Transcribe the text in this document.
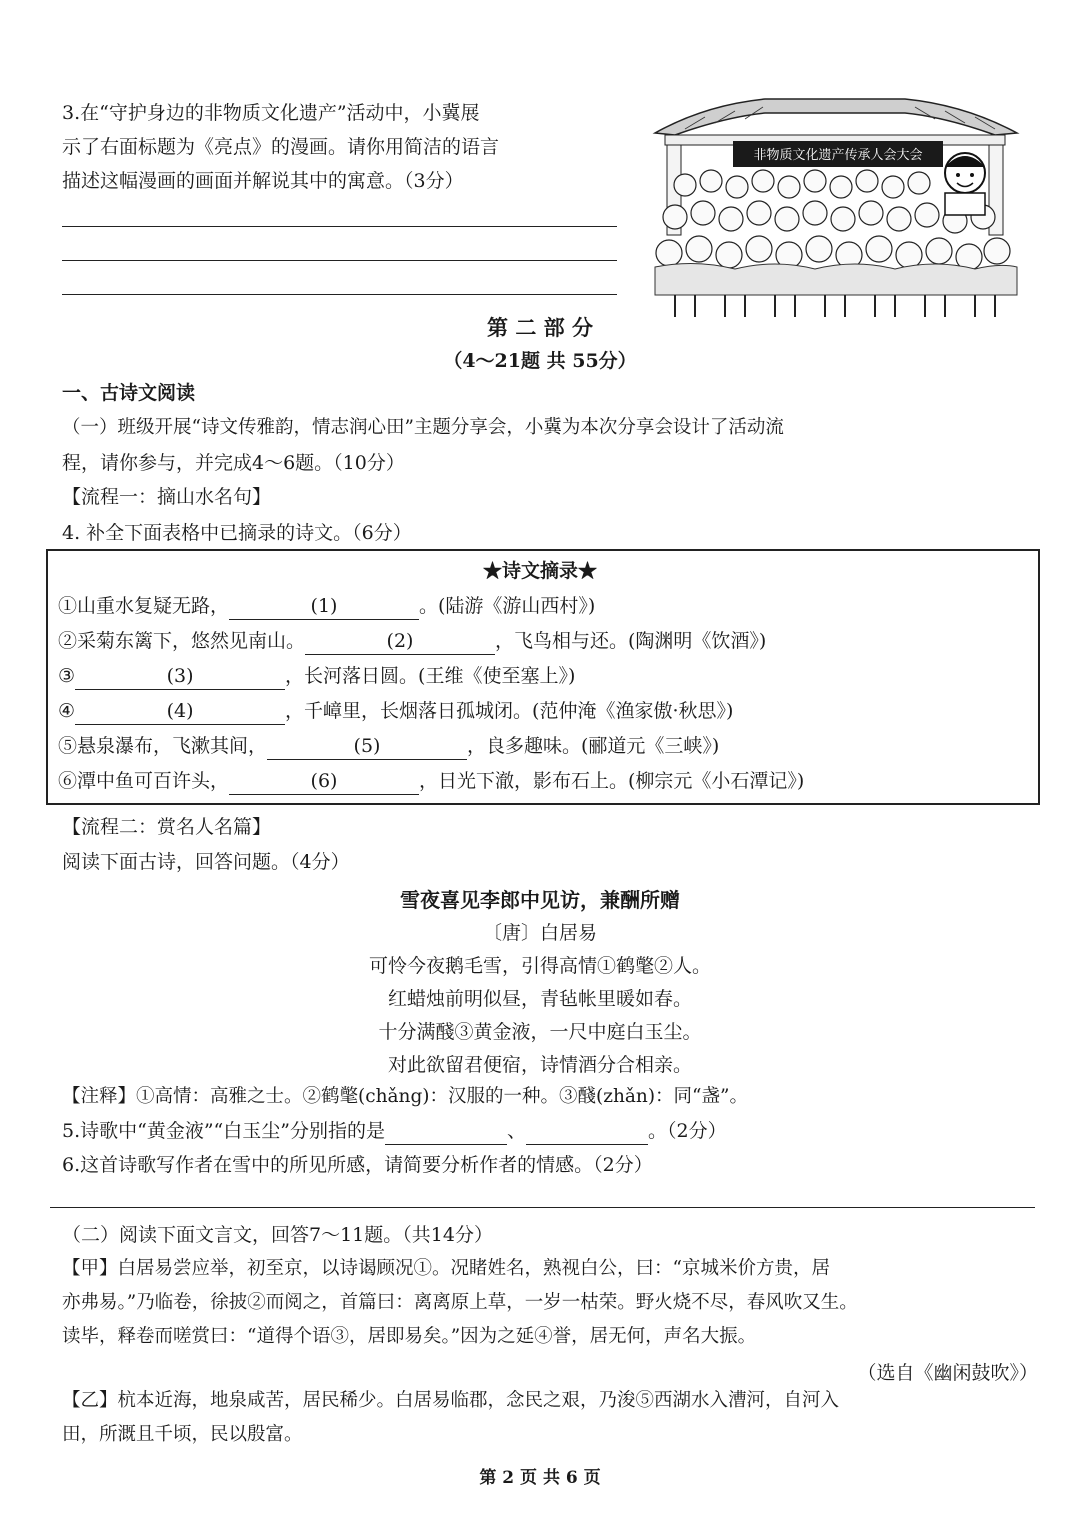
3.在“守护身边的非物质文化遗产”活动中，小冀展
示了右面标题为《亮点》的漫画。请你用简洁的语言
描述这幅漫画的画面并解说其中的寓意。（3分）
非物质文化遗产传承人会大会
第 二 部 分
（4～21题 共 55分）
一、古诗文阅读
（一）班级开展“诗文传雅韵，情志润心田”主题分享会，小冀为本次分享会设计了活动流
程，请你参与，并完成4～6题。（10分）
【流程一：摘山水名句】
4. 补全下面表格中已摘录的诗文。（6分）
★诗文摘录★
①山重水复疑无路，	(1)	。(陆游《游山西村》)
②采菊东篱下，悠然见南山。	(2)	，飞鸟相与还。(陶渊明《饮酒》)
③	(3)	，长河落日圆。(王维《使至塞上》)
④	(4)	，千嶂里，长烟落日孤城闭。(范仲淹《渔家傲·秋思》)
⑤悬泉瀑布，飞漱其间，	(5)	，良多趣味。(郦道元《三峡》)
⑥潭中鱼可百许头，	(6)	，日光下澈，影布石上。(柳宗元《小石潭记》)
【流程二：赏名人名篇】
阅读下面古诗，回答问题。（4分）
雪夜喜见李郎中见访，兼酬所赠
〔唐〕白居易
可怜今夜鹅毛雪，引得高情①鹤氅②人。
红蜡烛前明似昼，青毡帐里暖如春。
十分满醆③黄金液，一尺中庭白玉尘。
对此欲留君便宿，诗情酒分合相亲。
【注释】①高情：高雅之士。②鹤氅(chǎng)：汉服的一种。③醆(zhǎn)：同“盏”。
5.诗歌中“黄金液”“白玉尘”分别指的是	、	。（2分）
6.这首诗歌写作者在雪中的所见所感，请简要分析作者的情感。（2分）
（二）阅读下面文言文，回答7～11题。（共14分）
【甲】白居易尝应举，初至京，以诗谒顾况①。况睹姓名，熟视白公，曰：“京城米价方贵，居
亦弗易。”乃临卷，徐披②而阅之，首篇曰：离离原上草，一岁一枯荣。野火烧不尽，春风吹又生。
读毕，释卷而嗟赏曰：“道得个语③，居即易矣。”因为之延④誉，居无何，声名大振。
（选自《幽闲鼓吹》）
【乙】杭本近海，地泉咸苦，居民稀少。白居易临郡，念民之艰，乃浚⑤西湖水入漕河，自河入
田，所溉且千顷，民以殷富。
第 2 页 共 6 页
